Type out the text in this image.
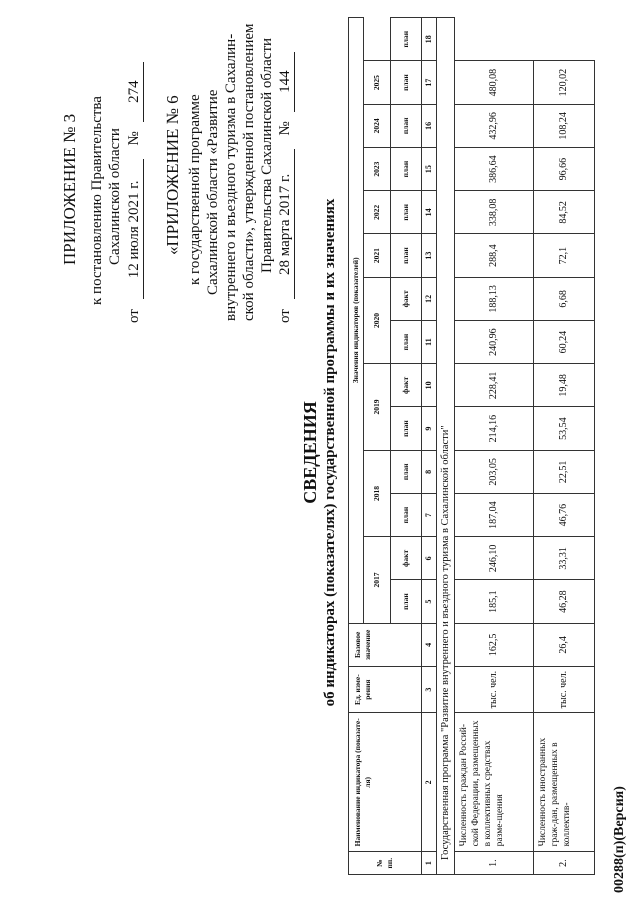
ПРИЛОЖЕНИЕ № 3 к постановлению Правительства Сахалинской области
от 12 июля 2021 г. № 274
«ПРИЛОЖЕНИЕ № 6 к государственной программе Сахалинской области «Развитие внутреннего и въездного туризма в Сахалин- ской области», утвержденной постановлением Правительства Сахалинской области
от 28 марта 2017 г. № 144
СВЕДЕНИЯ об индикаторах (показателях) государственной программы и их значениях
№ пп.	Наименование индикатора (показате-ля)	Ед. изме-рения	Базовое значение	Значения индикаторов (показателей)													
				2017		2018		2019		2020		2021	2022	2023	2024	2025	
				план	факт	план	план	план	факт	план	факт	план	план	план	план	план	план
1	2	3	4	5	6	7	8	9	10	11	12	13	14	15	16	17	18
Государственная программа "Развитие внутреннего и въездного туризма в Сахалинской области"																	
1.	Численность граждан Россий-ской Федерации, размещенных в коллективных средствах разме-щения	тыс. чел.	162,5	185,1	246,10	187,04	203,05	214,16	228,41	240,96	188,13	288,4	338,08	386,64	432,96	480,08	
2.	Численность иностранных граж-дан, размещенных в коллектив-	тыс. чел.	26,4	46,28	33,31	46,76	22,51	53,54	19,48	60,24	6,68	72,1	84,52	96,66	108,24	120,02	
00288(п)(Версия)
